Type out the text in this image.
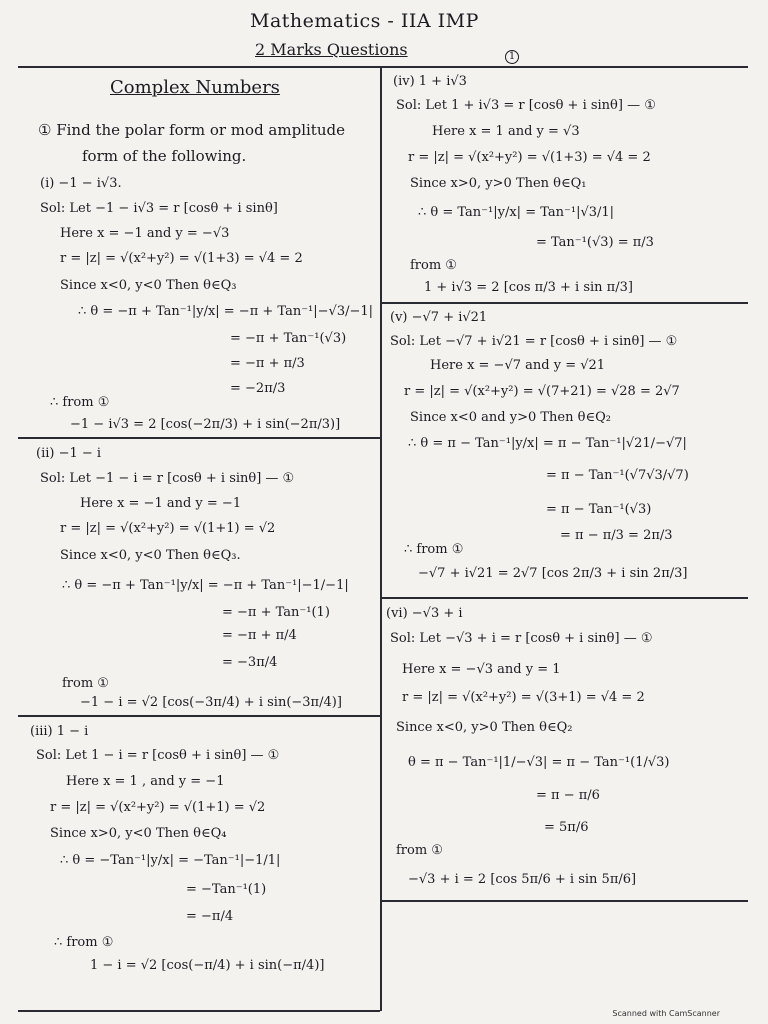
Mathematics - IIA IMP
2 Marks Questions	1
Complex Numbers
① Find the polar form or mod amplitude
form of the following.
(i) −1 − i√3.
Sol: Let −1 − i√3 = r [cosθ + i sinθ]
Here x = −1 and y = −√3
r = |z| = √(x²+y²) = √(1+3) = √4 = 2
Since x<0, y<0 Then θ∈Q₃
∴ θ = −π + Tan⁻¹|y/x| = −π + Tan⁻¹|−√3/−1|
= −π + Tan⁻¹(√3)
= −π + π/3
= −2π/3
∴ from ①
−1 − i√3 = 2 [cos(−2π/3) + i sin(−2π/3)]
(ii) −1 − i
Sol: Let −1 − i = r [cosθ + i sinθ] — ①
Here x = −1 and y = −1
r = |z| = √(x²+y²) = √(1+1) = √2
Since x<0, y<0 Then θ∈Q₃.
∴ θ = −π + Tan⁻¹|y/x| = −π + Tan⁻¹|−1/−1|
= −π + Tan⁻¹(1)
= −π + π/4
= −3π/4
from ①
−1 − i = √2 [cos(−3π/4) + i sin(−3π/4)]
(iii) 1 − i
Sol: Let 1 − i = r [cosθ + i sinθ] — ①
Here x = 1 , and y = −1
r = |z| = √(x²+y²) = √(1+1) = √2
Since x>0, y<0 Then θ∈Q₄
∴ θ = −Tan⁻¹|y/x| = −Tan⁻¹|−1/1|
= −Tan⁻¹(1)
= −π/4
∴ from ①
1 − i = √2 [cos(−π/4) + i sin(−π/4)]
(iv) 1 + i√3
Sol: Let 1 + i√3 = r [cosθ + i sinθ] — ①
Here x = 1 and y = √3
r = |z| = √(x²+y²) = √(1+3) = √4 = 2
Since x>0, y>0 Then θ∈Q₁
∴ θ = Tan⁻¹|y/x| = Tan⁻¹|√3/1|
= Tan⁻¹(√3) = π/3
from ①
1 + i√3 = 2 [cos π/3 + i sin π/3]
(v) −√7 + i√21
Sol: Let −√7 + i√21 = r [cosθ + i sinθ] — ①
Here x = −√7 and y = √21
r = |z| = √(x²+y²) = √(7+21) = √28 = 2√7
Since x<0 and y>0 Then θ∈Q₂
∴ θ = π − Tan⁻¹|y/x| = π − Tan⁻¹|√21/−√7|
= π − Tan⁻¹(√7√3/√7)
= π − Tan⁻¹(√3)
= π − π/3 = 2π/3
∴ from ①
−√7 + i√21 = 2√7 [cos 2π/3 + i sin 2π/3]
(vi) −√3 + i
Sol: Let −√3 + i = r [cosθ + i sinθ] — ①
Here x = −√3 and y = 1
r = |z| = √(x²+y²) = √(3+1) = √4 = 2
Since x<0, y>0 Then θ∈Q₂
θ = π − Tan⁻¹|1/−√3| = π − Tan⁻¹(1/√3)
= π − π/6
= 5π/6
from ①
−√3 + i = 2 [cos 5π/6 + i sin 5π/6]
Scanned with CamScanner
